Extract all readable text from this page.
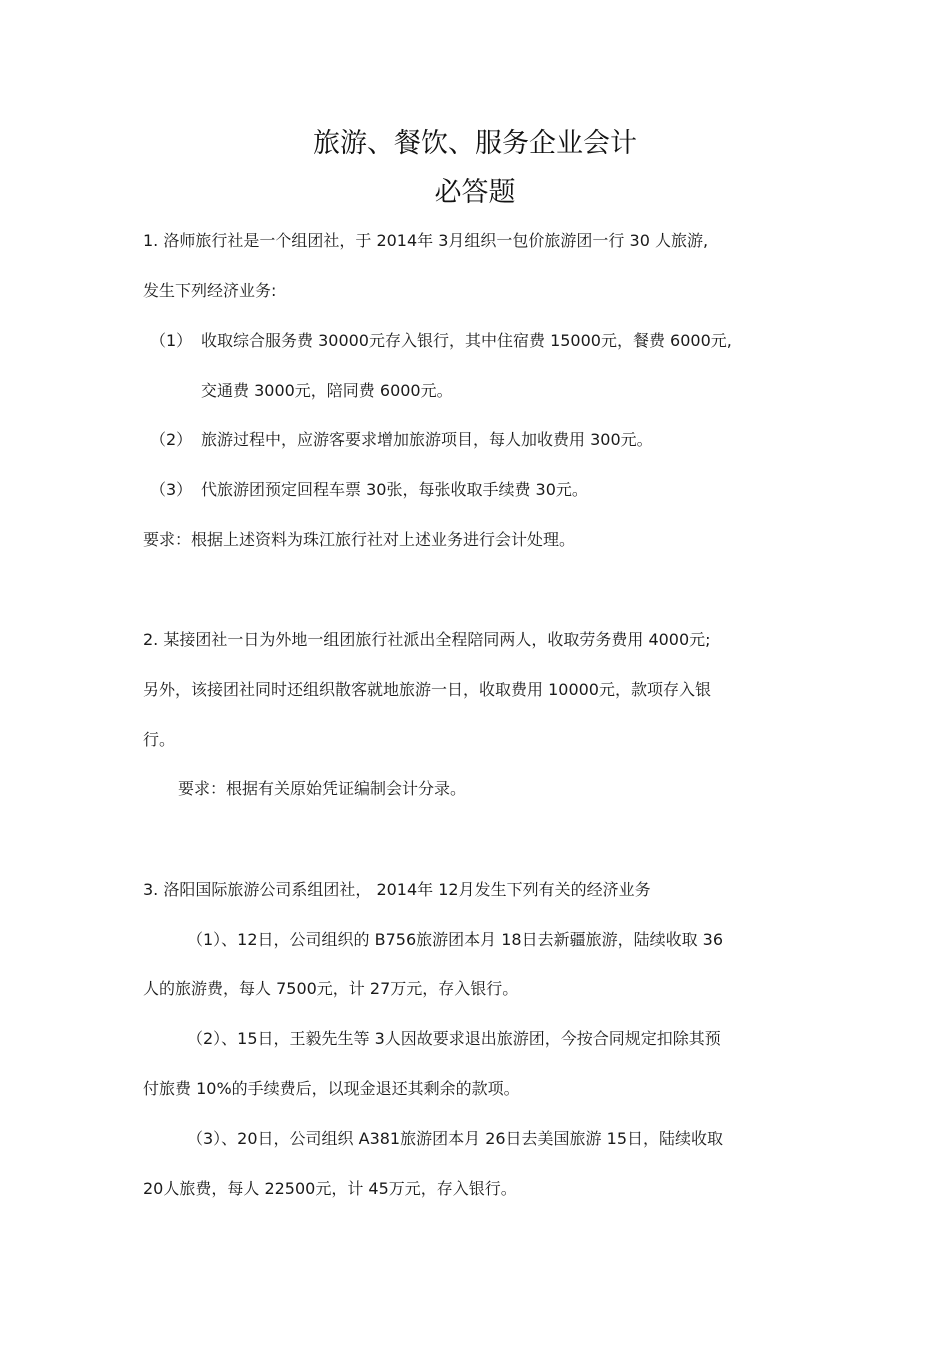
旅游、餐饮、服务企业会计
必答题
1. 洛师旅行社是一个组团社，于 2014年 3月组织一包价旅游团一行 30 人旅游,
发生下列经济业务:
（1） 收取综合服务费 30000元存入银行，其中住宿费 15000元，餐费 6000元,
交通费 3000元，陪同费 6000元。
（2） 旅游过程中，应游客要求增加旅游项目，每人加收费用 300元。
（3） 代旅游团预定回程车票 30张，每张收取手续费 30元。
要求：根据上述资料为珠江旅行社对上述业务进行会计处理。
2. 某接团社一日为外地一组团旅行社派出全程陪同两人，收取劳务费用 4000元;
另外，该接团社同时还组织散客就地旅游一日，收取费用 10000元，款项存入银
行。
要求：根据有关原始凭证编制会计分录。
3. 洛阳国际旅游公司系组团社， 2014年 12月发生下列有关的经济业务
（1）、12日，公司组织的 B756旅游团本月 18日去新疆旅游，陆续收取 36
人的旅游费，每人 7500元，计 27万元，存入银行。
（2）、15日，王毅先生等 3人因故要求退出旅游团，今按合同规定扣除其预
付旅费 10%的手续费后，以现金退还其剩余的款项。
（3）、20日，公司组织 A381旅游团本月 26日去美国旅游 15日，陆续收取
20人旅费，每人 22500元，计 45万元，存入银行。
